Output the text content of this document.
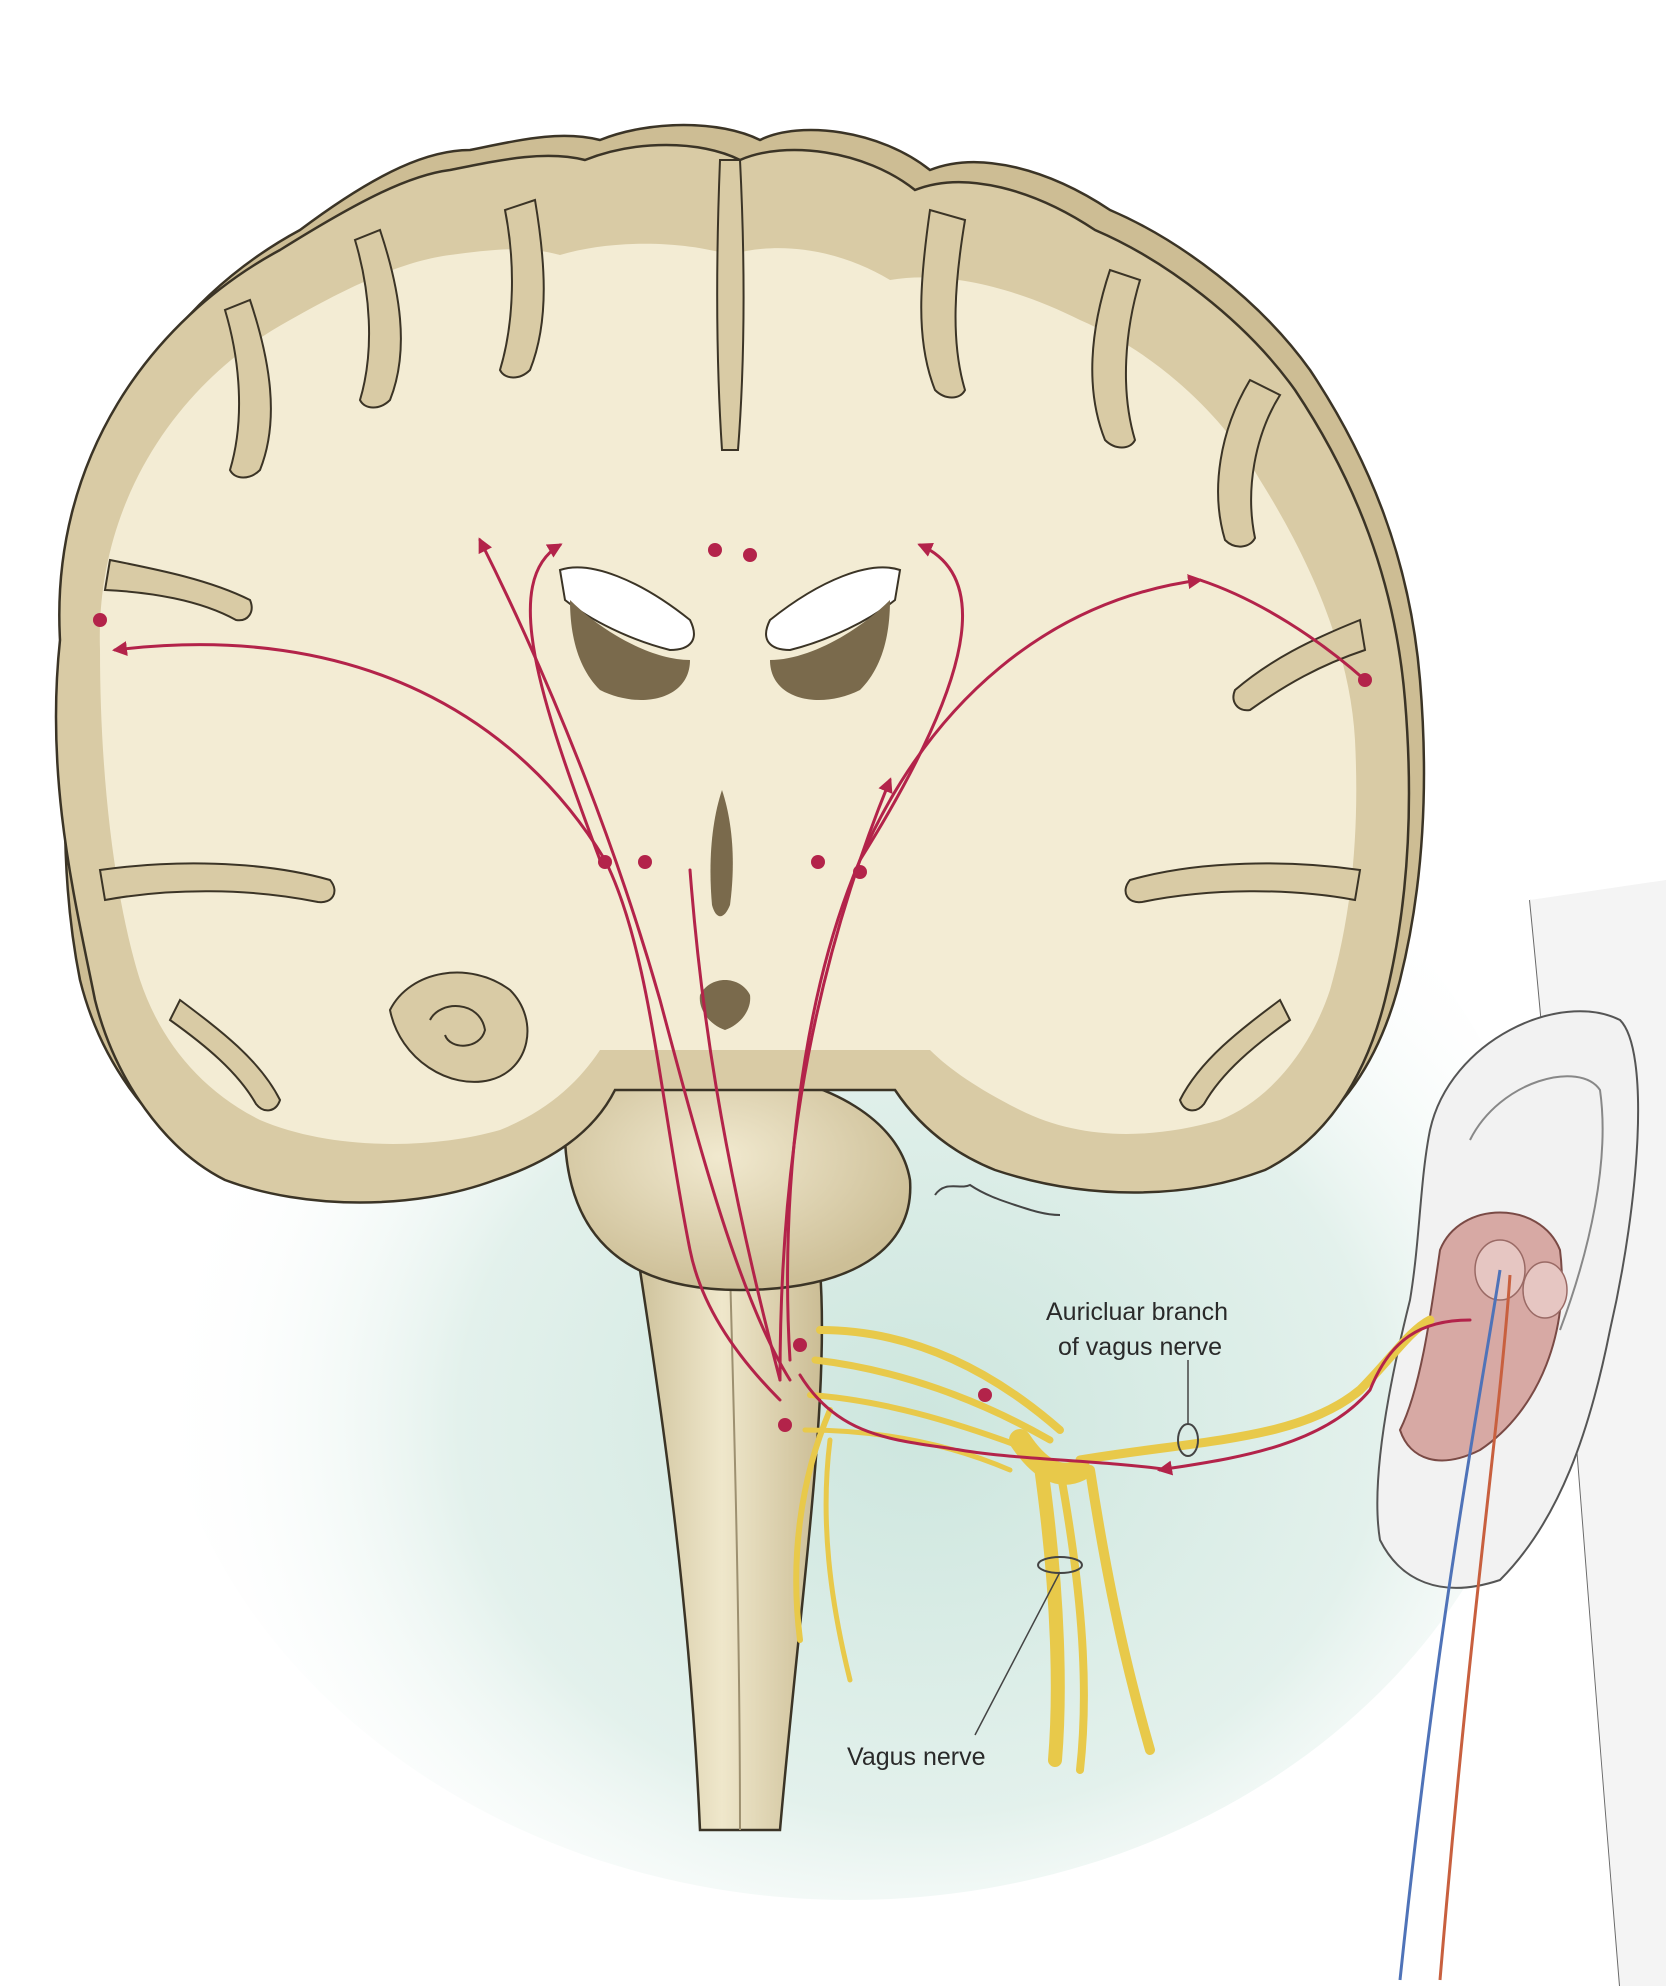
Auricluar branch
of vagus nerve
Vagus nerve
